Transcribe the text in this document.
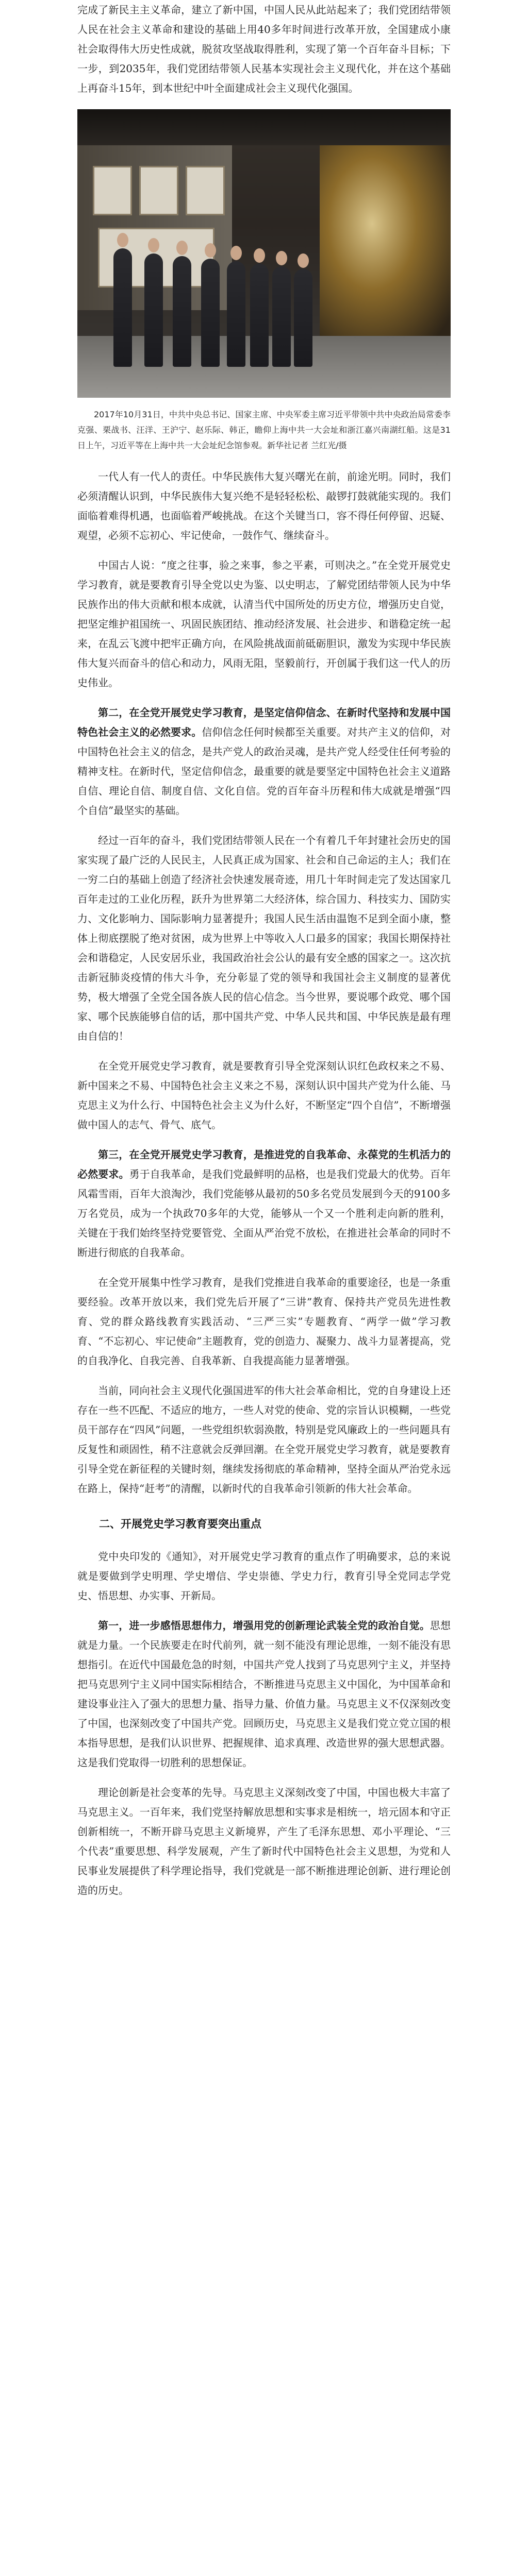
完成了新民主主义革命，建立了新中国，中国人民从此站起来了；我们党团结带领人民在社会主义革命和建设的基础上用40多年时间进行改革开放，全国建成小康社会取得伟大历史性成就，脱贫攻坚战取得胜利，实现了第一个百年奋斗目标；下一步，到2035年，我们党团结带领人民基本实现社会主义现代化，并在这个基础上再奋斗15年，到本世纪中叶全面建成社会主义现代化强国。

2017年10月31日，中共中央总书记、国家主席、中央军委主席习近平带领中共中央政治局常委李克强、栗战书、汪洋、王沪宁、赵乐际、韩正，瞻仰上海中共一大会址和浙江嘉兴南湖红船。这是31日上午，习近平等在上海中共一大会址纪念馆参观。新华社记者 兰红光/摄

一代人有一代人的责任。中华民族伟大复兴曙光在前，前途光明。同时，我们必须清醒认识到，中华民族伟大复兴绝不是轻轻松松、敲锣打鼓就能实现的。我们面临着难得机遇，也面临着严峻挑战。在这个关键当口，容不得任何停留、迟疑、观望，必须不忘初心、牢记使命，一鼓作气、继续奋斗。

中国古人说：“度之往事，验之来事，参之平素，可则决之。”在全党开展党史学习教育，就是要教育引导全党以史为鉴、以史明志，了解党团结带领人民为中华民族作出的伟大贡献和根本成就，认清当代中国所处的历史方位，增强历史自觉，把坚定维护祖国统一、巩固民族团结、推动经济发展、社会进步、和谐稳定统一起来，在乱云飞渡中把牢正确方向，在风险挑战面前砥砺胆识，激发为实现中华民族伟大复兴而奋斗的信心和动力，风雨无阻，坚毅前行，开创属于我们这一代人的历史伟业。

第二，在全党开展党史学习教育，是坚定信仰信念、在新时代坚持和发展中国特色社会主义的必然要求。信仰信念任何时候都至关重要。对共产主义的信仰，对中国特色社会主义的信念，是共产党人的政治灵魂，是共产党人经受住任何考验的精神支柱。在新时代，坚定信仰信念，最重要的就是要坚定中国特色社会主义道路自信、理论自信、制度自信、文化自信。党的百年奋斗历程和伟大成就是增强“四个自信”最坚实的基础。

经过一百年的奋斗，我们党团结带领人民在一个有着几千年封建社会历史的国家实现了最广泛的人民民主，人民真正成为国家、社会和自己命运的主人；我们在一穷二白的基础上创造了经济社会快速发展奇迹，用几十年时间走完了发达国家几百年走过的工业化历程，跃升为世界第二大经济体，综合国力、科技实力、国防实力、文化影响力、国际影响力显著提升；我国人民生活由温饱不足到全面小康，整体上彻底摆脱了绝对贫困，成为世界上中等收入人口最多的国家；我国长期保持社会和谐稳定，人民安居乐业，我国政治社会公认的最有安全感的国家之一。这次抗击新冠肺炎疫情的伟大斗争，充分彰显了党的领导和我国社会主义制度的显著优势，极大增强了全党全国各族人民的信心信念。当今世界，要说哪个政党、哪个国家、哪个民族能够自信的话，那中国共产党、中华人民共和国、中华民族是最有理由自信的！

在全党开展党史学习教育，就是要教育引导全党深刻认识红色政权来之不易、新中国来之不易、中国特色社会主义来之不易，深刻认识中国共产党为什么能、马克思主义为什么行、中国特色社会主义为什么好，不断坚定“四个自信”，不断增强做中国人的志气、骨气、底气。

第三，在全党开展党史学习教育，是推进党的自我革命、永葆党的生机活力的必然要求。勇于自我革命，是我们党最鲜明的品格，也是我们党最大的优势。百年风霜雪雨，百年大浪淘沙，我们党能够从最初的50多名党员发展到今天的9100多万名党员，成为一个执政70多年的大党，能够从一个又一个胜利走向新的胜利，关键在于我们始终坚持党要管党、全面从严治党不放松，在推进社会革命的同时不断进行彻底的自我革命。

在全党开展集中性学习教育，是我们党推进自我革命的重要途径，也是一条重要经验。改革开放以来，我们党先后开展了“三讲”教育、保持共产党员先进性教育、党的群众路线教育实践活动、“三严三实”专题教育、“两学一做”学习教育、“不忘初心、牢记使命”主题教育，党的创造力、凝聚力、战斗力显著提高，党的自我净化、自我完善、自我革新、自我提高能力显著增强。

当前，同向社会主义现代化强国进军的伟大社会革命相比，党的自身建设上还存在一些不匹配、不适应的地方，一些人对党的使命、党的宗旨认识模糊，一些党员干部存在“四风”问题，一些党组织软弱涣散，特别是党风廉政上的一些问题具有反复性和顽固性，稍不注意就会反弹回潮。在全党开展党史学习教育，就是要教育引导全党在新征程的关键时刻，继续发扬彻底的革命精神，坚持全面从严治党永远在路上，保持“赶考”的清醒，以新时代的自我革命引领新的伟大社会革命。

二、开展党史学习教育要突出重点

党中央印发的《通知》，对开展党史学习教育的重点作了明确要求，总的来说就是要做到学史明理、学史增信、学史崇德、学史力行，教育引导全党同志学党史、悟思想、办实事、开新局。

第一，进一步感悟思想伟力，增强用党的创新理论武装全党的政治自觉。思想就是力量。一个民族要走在时代前列，就一刻不能没有理论思维，一刻不能没有思想指引。在近代中国最危急的时刻，中国共产党人找到了马克思列宁主义，并坚持把马克思列宁主义同中国实际相结合，不断推进马克思主义中国化，为中国革命和建设事业注入了强大的思想力量、指导力量、价值力量。马克思主义不仅深刻改变了中国，也深刻改变了中国共产党。回顾历史，马克思主义是我们党立党立国的根本指导思想，是我们认识世界、把握规律、追求真理、改造世界的强大思想武器。这是我们党取得一切胜利的思想保证。

理论创新是社会变革的先导。马克思主义深刻改变了中国，中国也极大丰富了马克思主义。一百年来，我们党坚持解放思想和实事求是相统一，培元固本和守正创新相统一，不断开辟马克思主义新境界，产生了毛泽东思想、邓小平理论、“三个代表”重要思想、科学发展观，产生了新时代中国特色社会主义思想，为党和人民事业发展提供了科学理论指导，我们党就是一部不断推进理论创新、进行理论创造的历史。
